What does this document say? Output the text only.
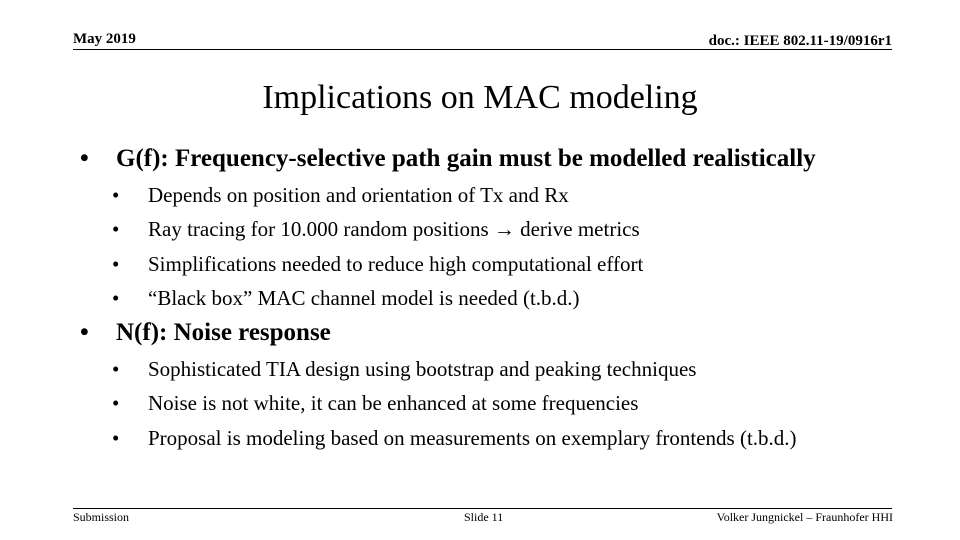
May 2019	doc.: IEEE 802.11-19/0916r1
Implications on MAC modeling
•	G(f): Frequency-selective path gain must be modelled realistically
•	Depends on position and orientation of Tx and Rx
•	Ray tracing for 10.000 random positions → derive metrics
•	Simplifications needed to reduce high computational effort
•	“Black box” MAC channel model is needed (t.b.d.)
•	N(f): Noise response
•	Sophisticated TIA design using bootstrap and peaking techniques
•	Noise is not white, it can be enhanced at some frequencies
•	Proposal is modeling based on measurements on exemplary frontends (t.b.d.)
Submission	Slide 11	Volker Jungnickel – Fraunhofer HHI
